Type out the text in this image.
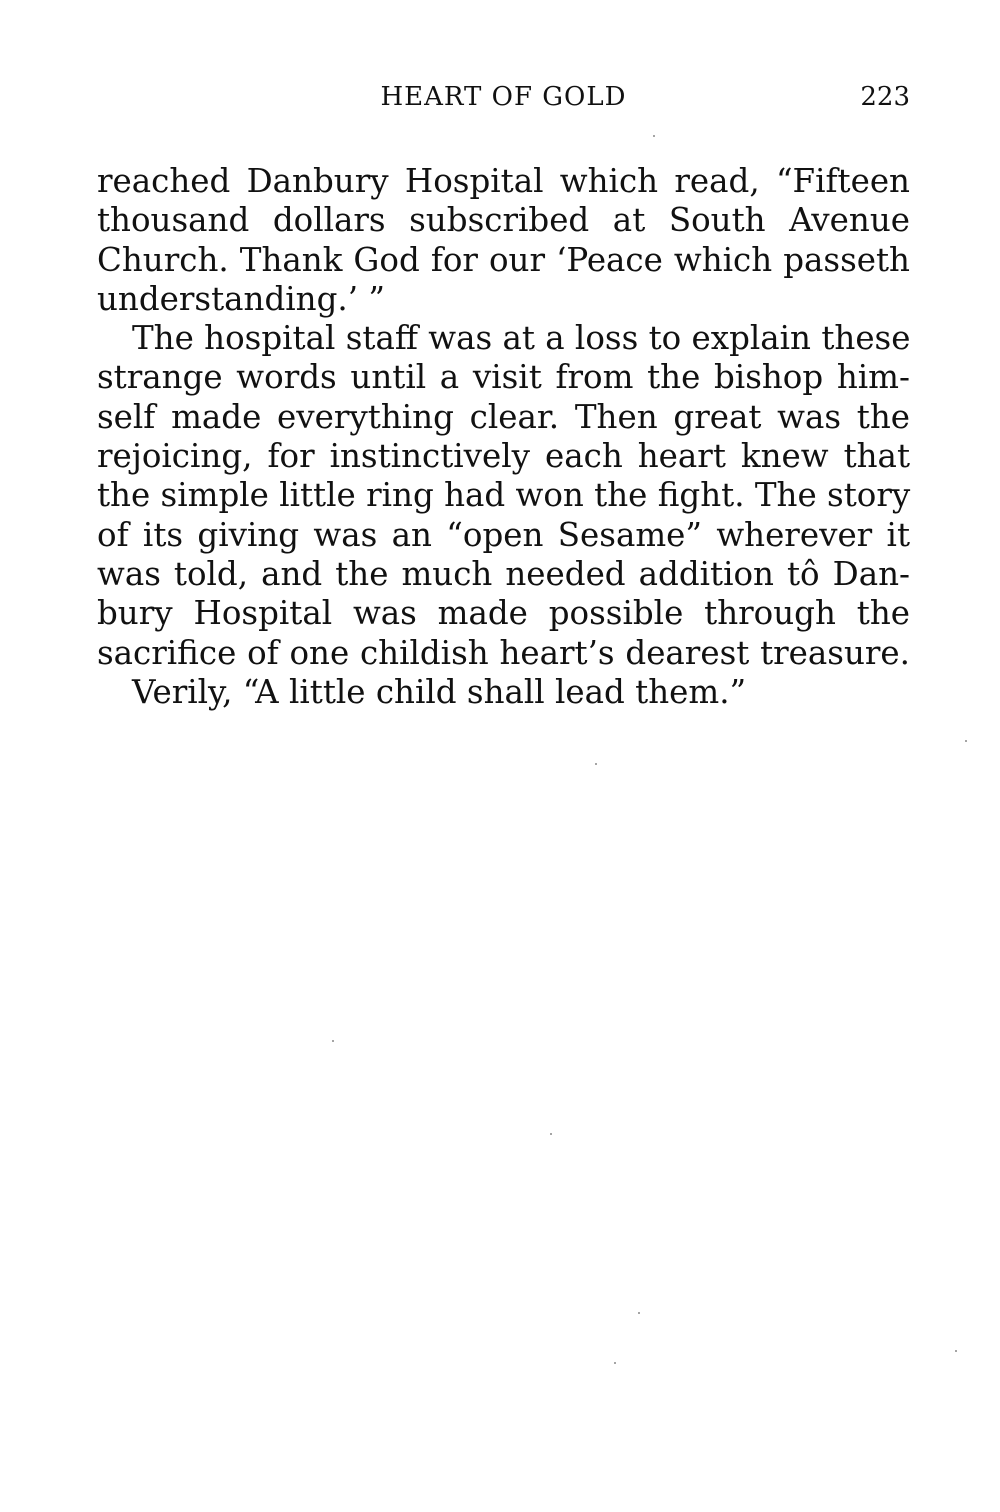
HEART OF GOLD	223
reached Danbury Hospital which read, “Fifteen
thousand dollars subscribed at South Avenue
Church. Thank God for our ‘Peace which passeth
understanding.’ ”
The hospital staff was at a loss to explain these
strange words until a visit from the bishop him-
self made everything clear. Then great was the
rejoicing, for instinctively each heart knew that
the simple little ring had won the fight. The story
of its giving was an “open Sesame” wherever it
was told, and the much needed addition tô Dan-
bury Hospital was made possible through the
sacrifice of one childish heart’s dearest treasure.
Verily, “A little child shall lead them.”
